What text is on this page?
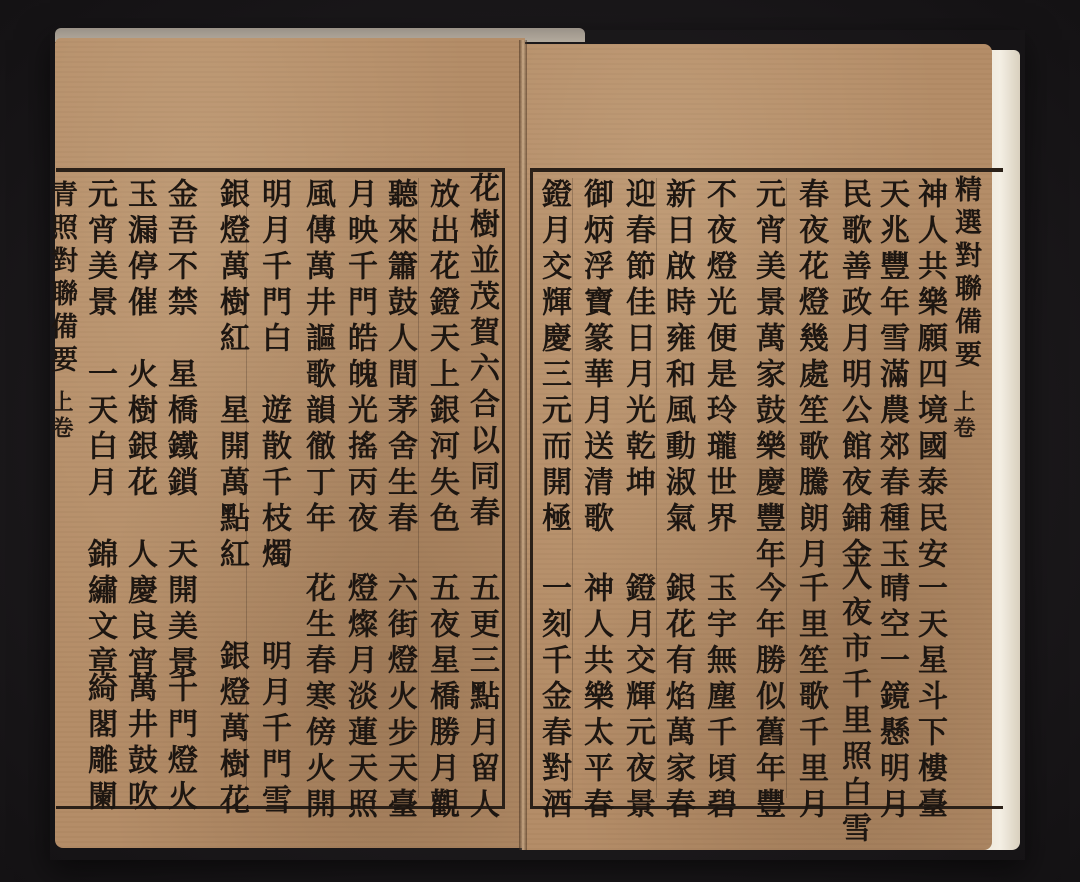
精選對聯備要
上卷
神人共樂願四境國泰民安
天兆豐年雪滿農郊春種玉
民歌善政月明公館夜鋪金
春夜花燈幾處笙歌騰朗月
元宵美景萬家鼓樂慶豐年
不夜燈光便是玲瓏世界
新日啟時雍和風動淑氣
迎春節佳日月光乾坤
御炳浮寶篆華月送清歌
鐙月交輝慶三元而開極
一天星斗下樓臺
晴空一鏡懸明月
入夜市千里照白雪
千里笙歌千里月
今年勝似舊年豐
玉宇無塵千頃碧
銀花有焰萬家春
鐙月交輝元夜景
神人共樂太平春
一刻千金春對酒
花樹並茂賀六合以同春
放出花鐙天上銀河失色
聽來簫鼓人間茅舍生春
月映千門皓魄光搖丙夜
風傳萬井謳歌韻徹丁年
明月千門白　遊散千枝燭
銀燈萬樹紅　星開萬點紅
金吾不禁　星橋鐵鎖　天開美景
玉漏停催　火樹銀花　人慶良宵
元宵美景　一天白月　錦繡文章
五更三點月留人
五夜星橋勝月觀
六街燈火步天臺
燈燦月淡蓮天照
花生春寒傍火開
明月千門雪
銀燈萬樹花
千門燈火
萬井鼓吹
綺閣雕闌
青照對聯備要
上卷
